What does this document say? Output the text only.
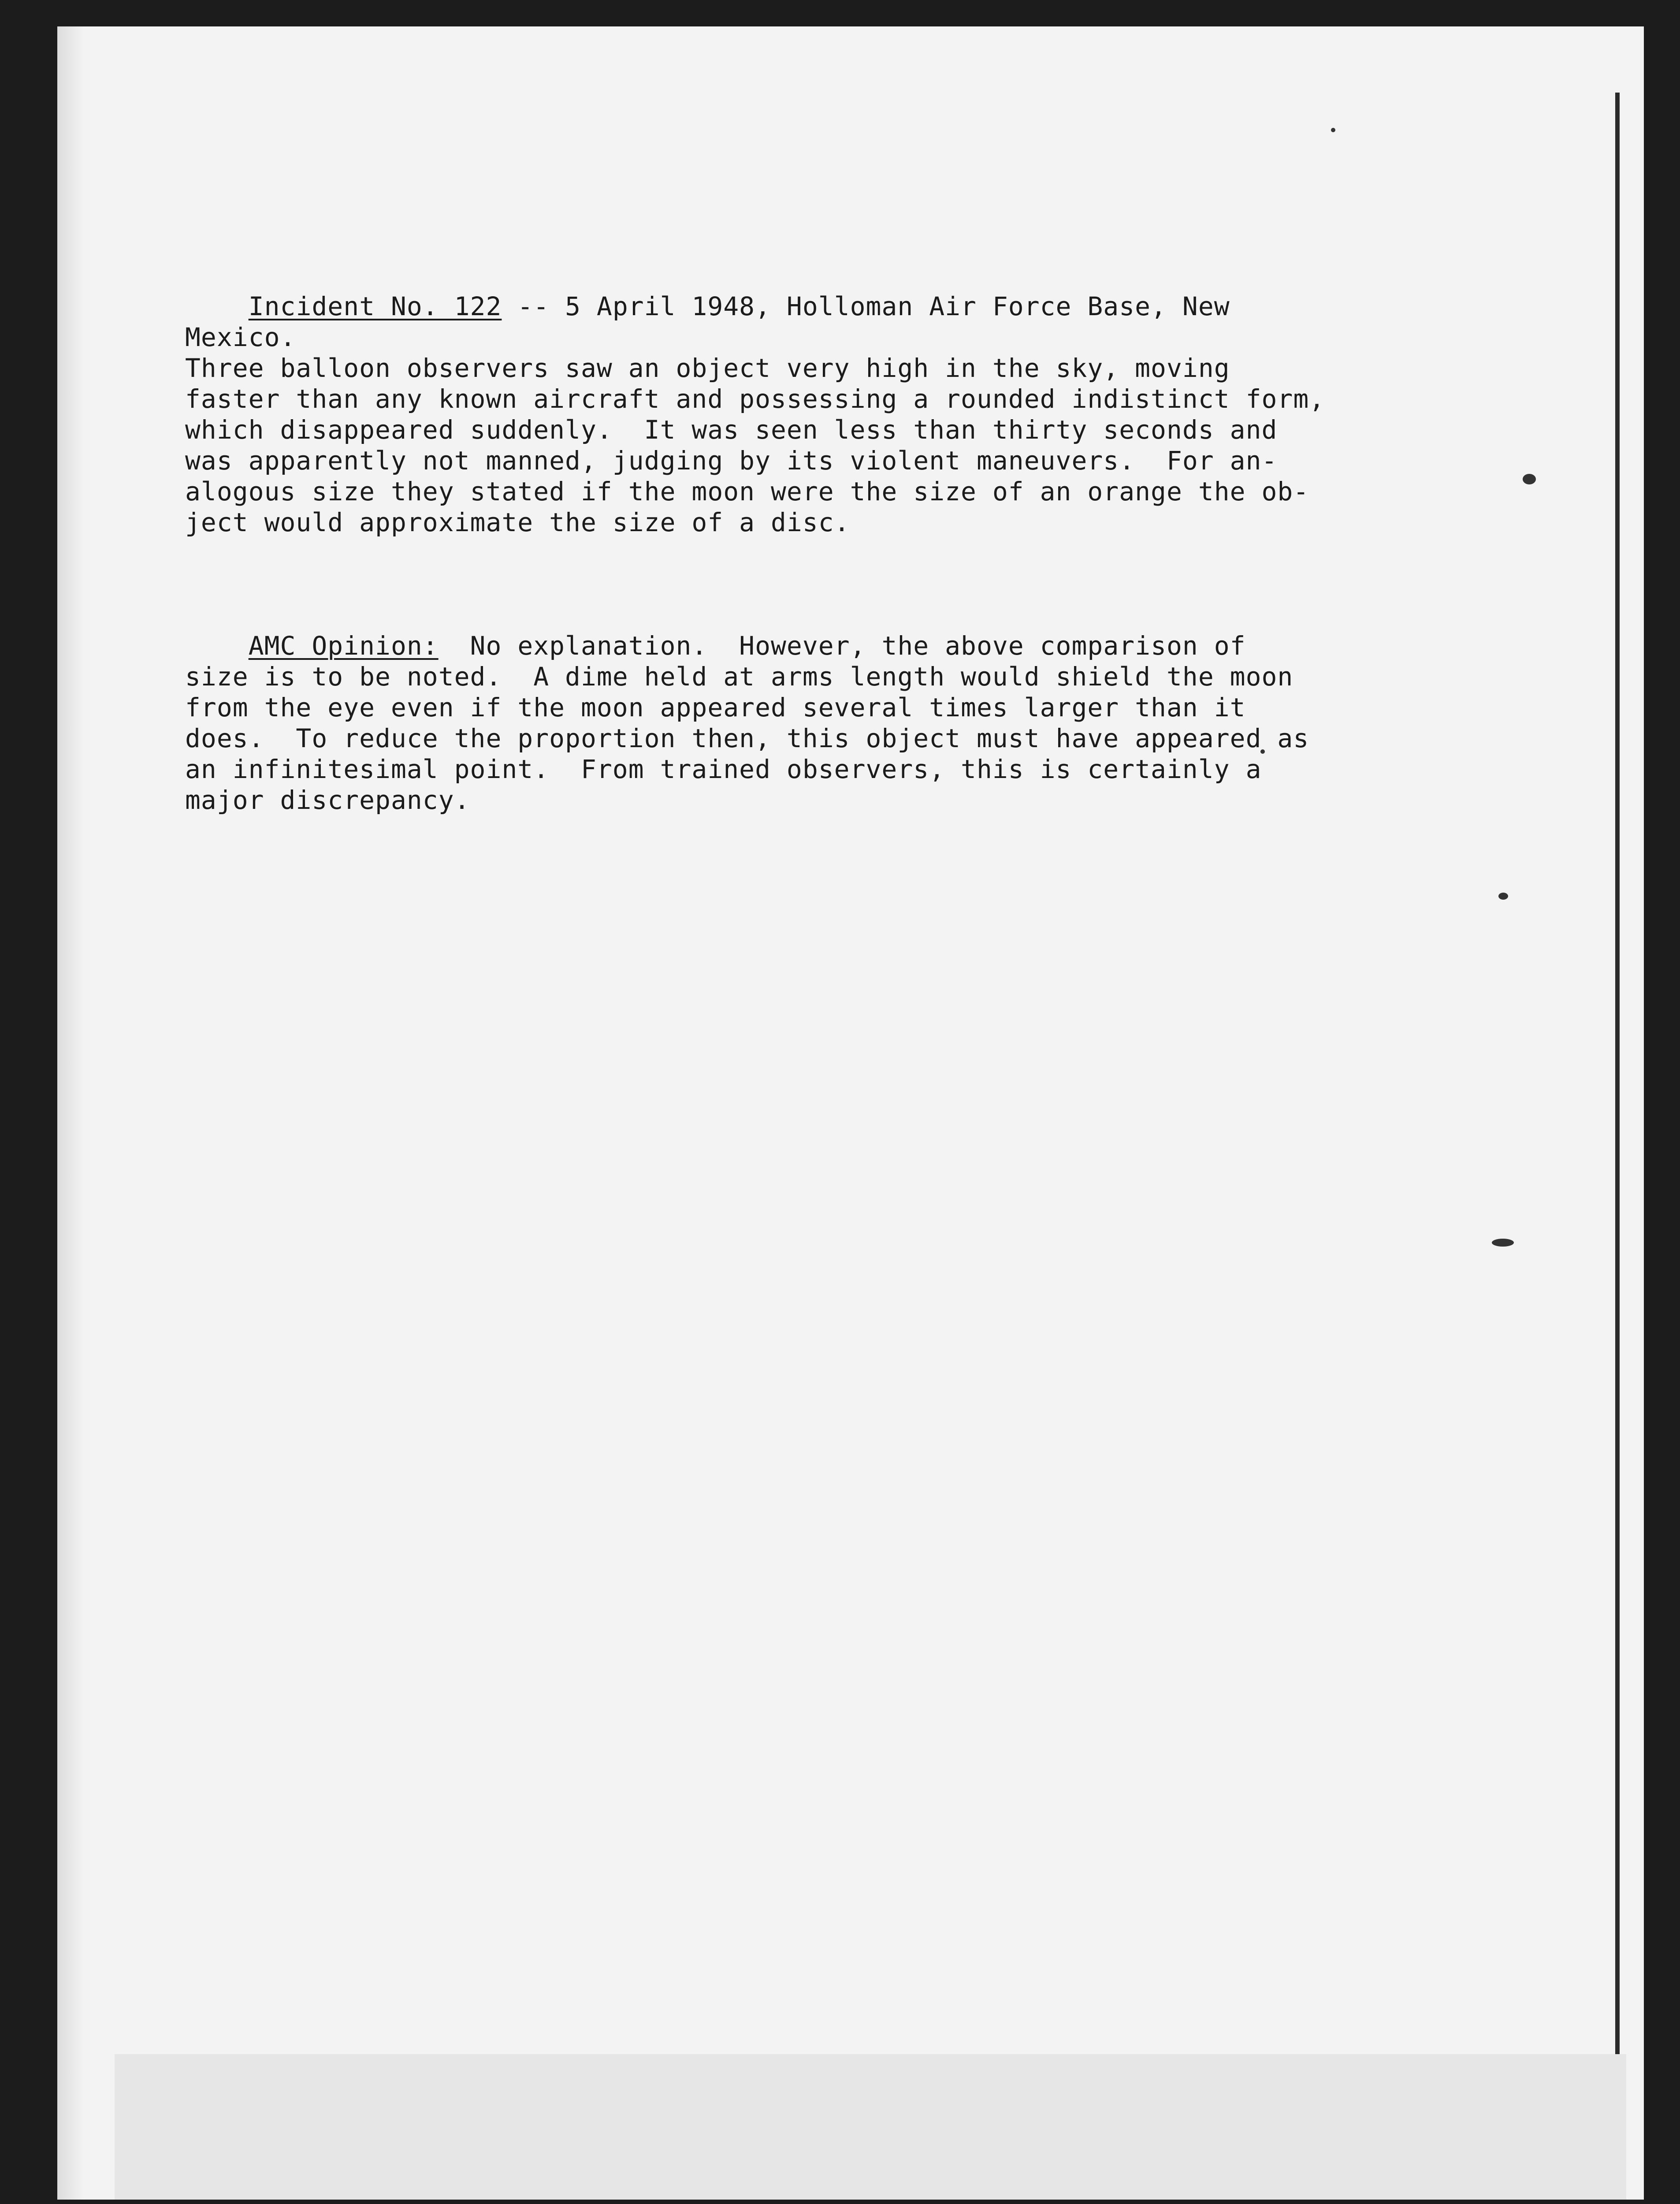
Incident No. 122 -- 5 April 1948, Holloman Air Force Base, New
Mexico.
Three balloon observers saw an object very high in the sky, moving
faster than any known aircraft and possessing a rounded indistinct form,
which disappeared suddenly.  It was seen less than thirty seconds and
was apparently not manned, judging by its violent maneuvers.  For an-
alogous size they stated if the moon were the size of an orange the ob-
ject would approximate the size of a disc.

AMC Opinion:  No explanation.  However, the above comparison of
size is to be noted.  A dime held at arms length would shield the moon
from the eye even if the moon appeared several times larger than it
does.  To reduce the proportion then, this object must have appeared as
an infinitesimal point.  From trained observers, this is certainly a
major discrepancy.
